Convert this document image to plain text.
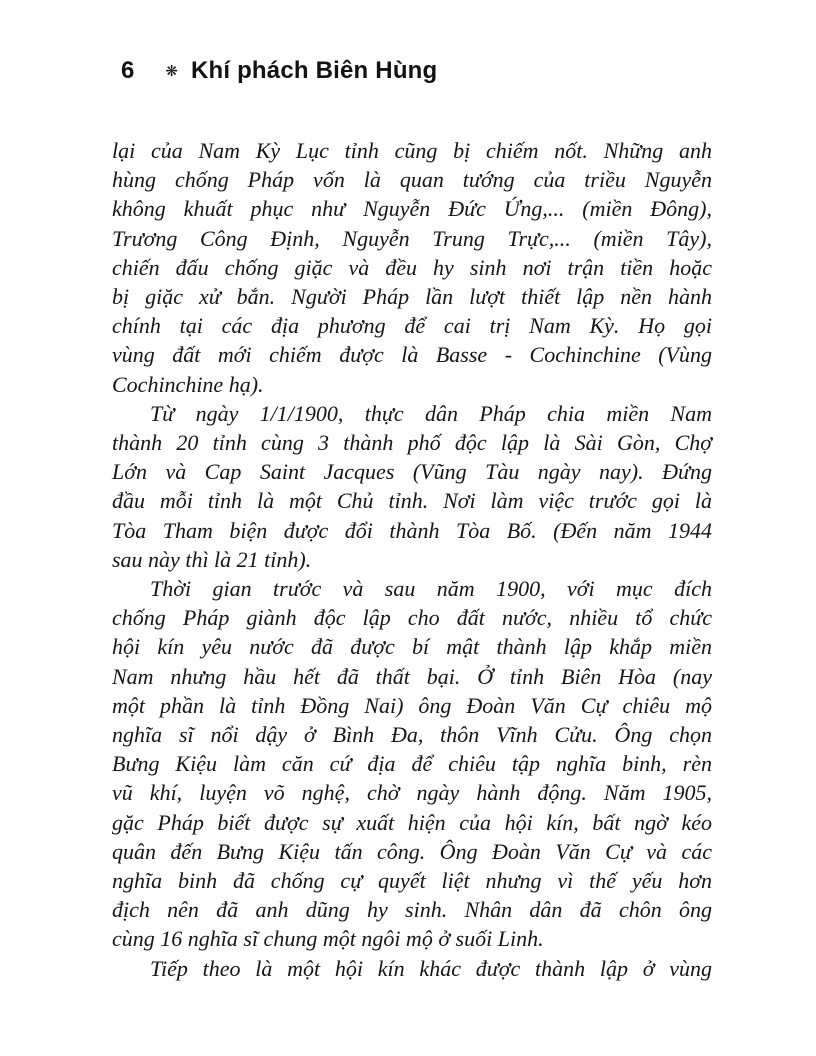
6 ❋ Khí phách Biên Hùng
lại của Nam Kỳ Lục tỉnh cũng bị chiếm nốt. Những anh
hùng chống Pháp vốn là quan tướng của triều Nguyễn
không khuất phục như Nguyễn Đức Ứng,... (miền Đông),
Trương Công Định, Nguyễn Trung Trực,... (miền Tây),
chiến đấu chống giặc và đều hy sinh nơi trận tiền hoặc
bị giặc xử bắn. Người Pháp lần lượt thiết lập nền hành
chính tại các địa phương để cai trị Nam Kỳ. Họ gọi
vùng đất mới chiếm được là Basse - Cochinchine (Vùng
Cochinchine hạ).
Từ ngày 1/1/1900, thực dân Pháp chia miền Nam
thành 20 tỉnh cùng 3 thành phố độc lập là Sài Gòn, Chợ
Lớn và Cap Saint Jacques (Vũng Tàu ngày nay). Đứng
đầu mỗi tỉnh là một Chủ tỉnh. Nơi làm việc trước gọi là
Tòa Tham biện được đổi thành Tòa Bố. (Đến năm 1944
sau này thì là 21 tỉnh).
Thời gian trước và sau năm 1900, với mục đích
chống Pháp giành độc lập cho đất nước, nhiều tổ chức
hội kín yêu nước đã được bí mật thành lập khắp miền
Nam nhưng hầu hết đã thất bại. Ở tỉnh Biên Hòa (nay
một phần là tỉnh Đồng Nai) ông Đoàn Văn Cự chiêu mộ
nghĩa sĩ nổi dậy ở Bình Đa, thôn Vĩnh Cửu. Ông chọn
Bưng Kiệu làm căn cứ địa để chiêu tập nghĩa binh, rèn
vũ khí, luyện võ nghệ, chờ ngày hành động. Năm 1905,
gặc Pháp biết được sự xuất hiện của hội kín, bất ngờ kéo
quân đến Bưng Kiệu tấn công. Ông Đoàn Văn Cự và các
nghĩa binh đã chống cự quyết liệt nhưng vì thế yếu hơn
địch nên đã anh dũng hy sinh. Nhân dân đã chôn ông
cùng 16 nghĩa sĩ chung một ngôi mộ ở suối Linh.
Tiếp theo là một hội kín khác được thành lập ở vùng
